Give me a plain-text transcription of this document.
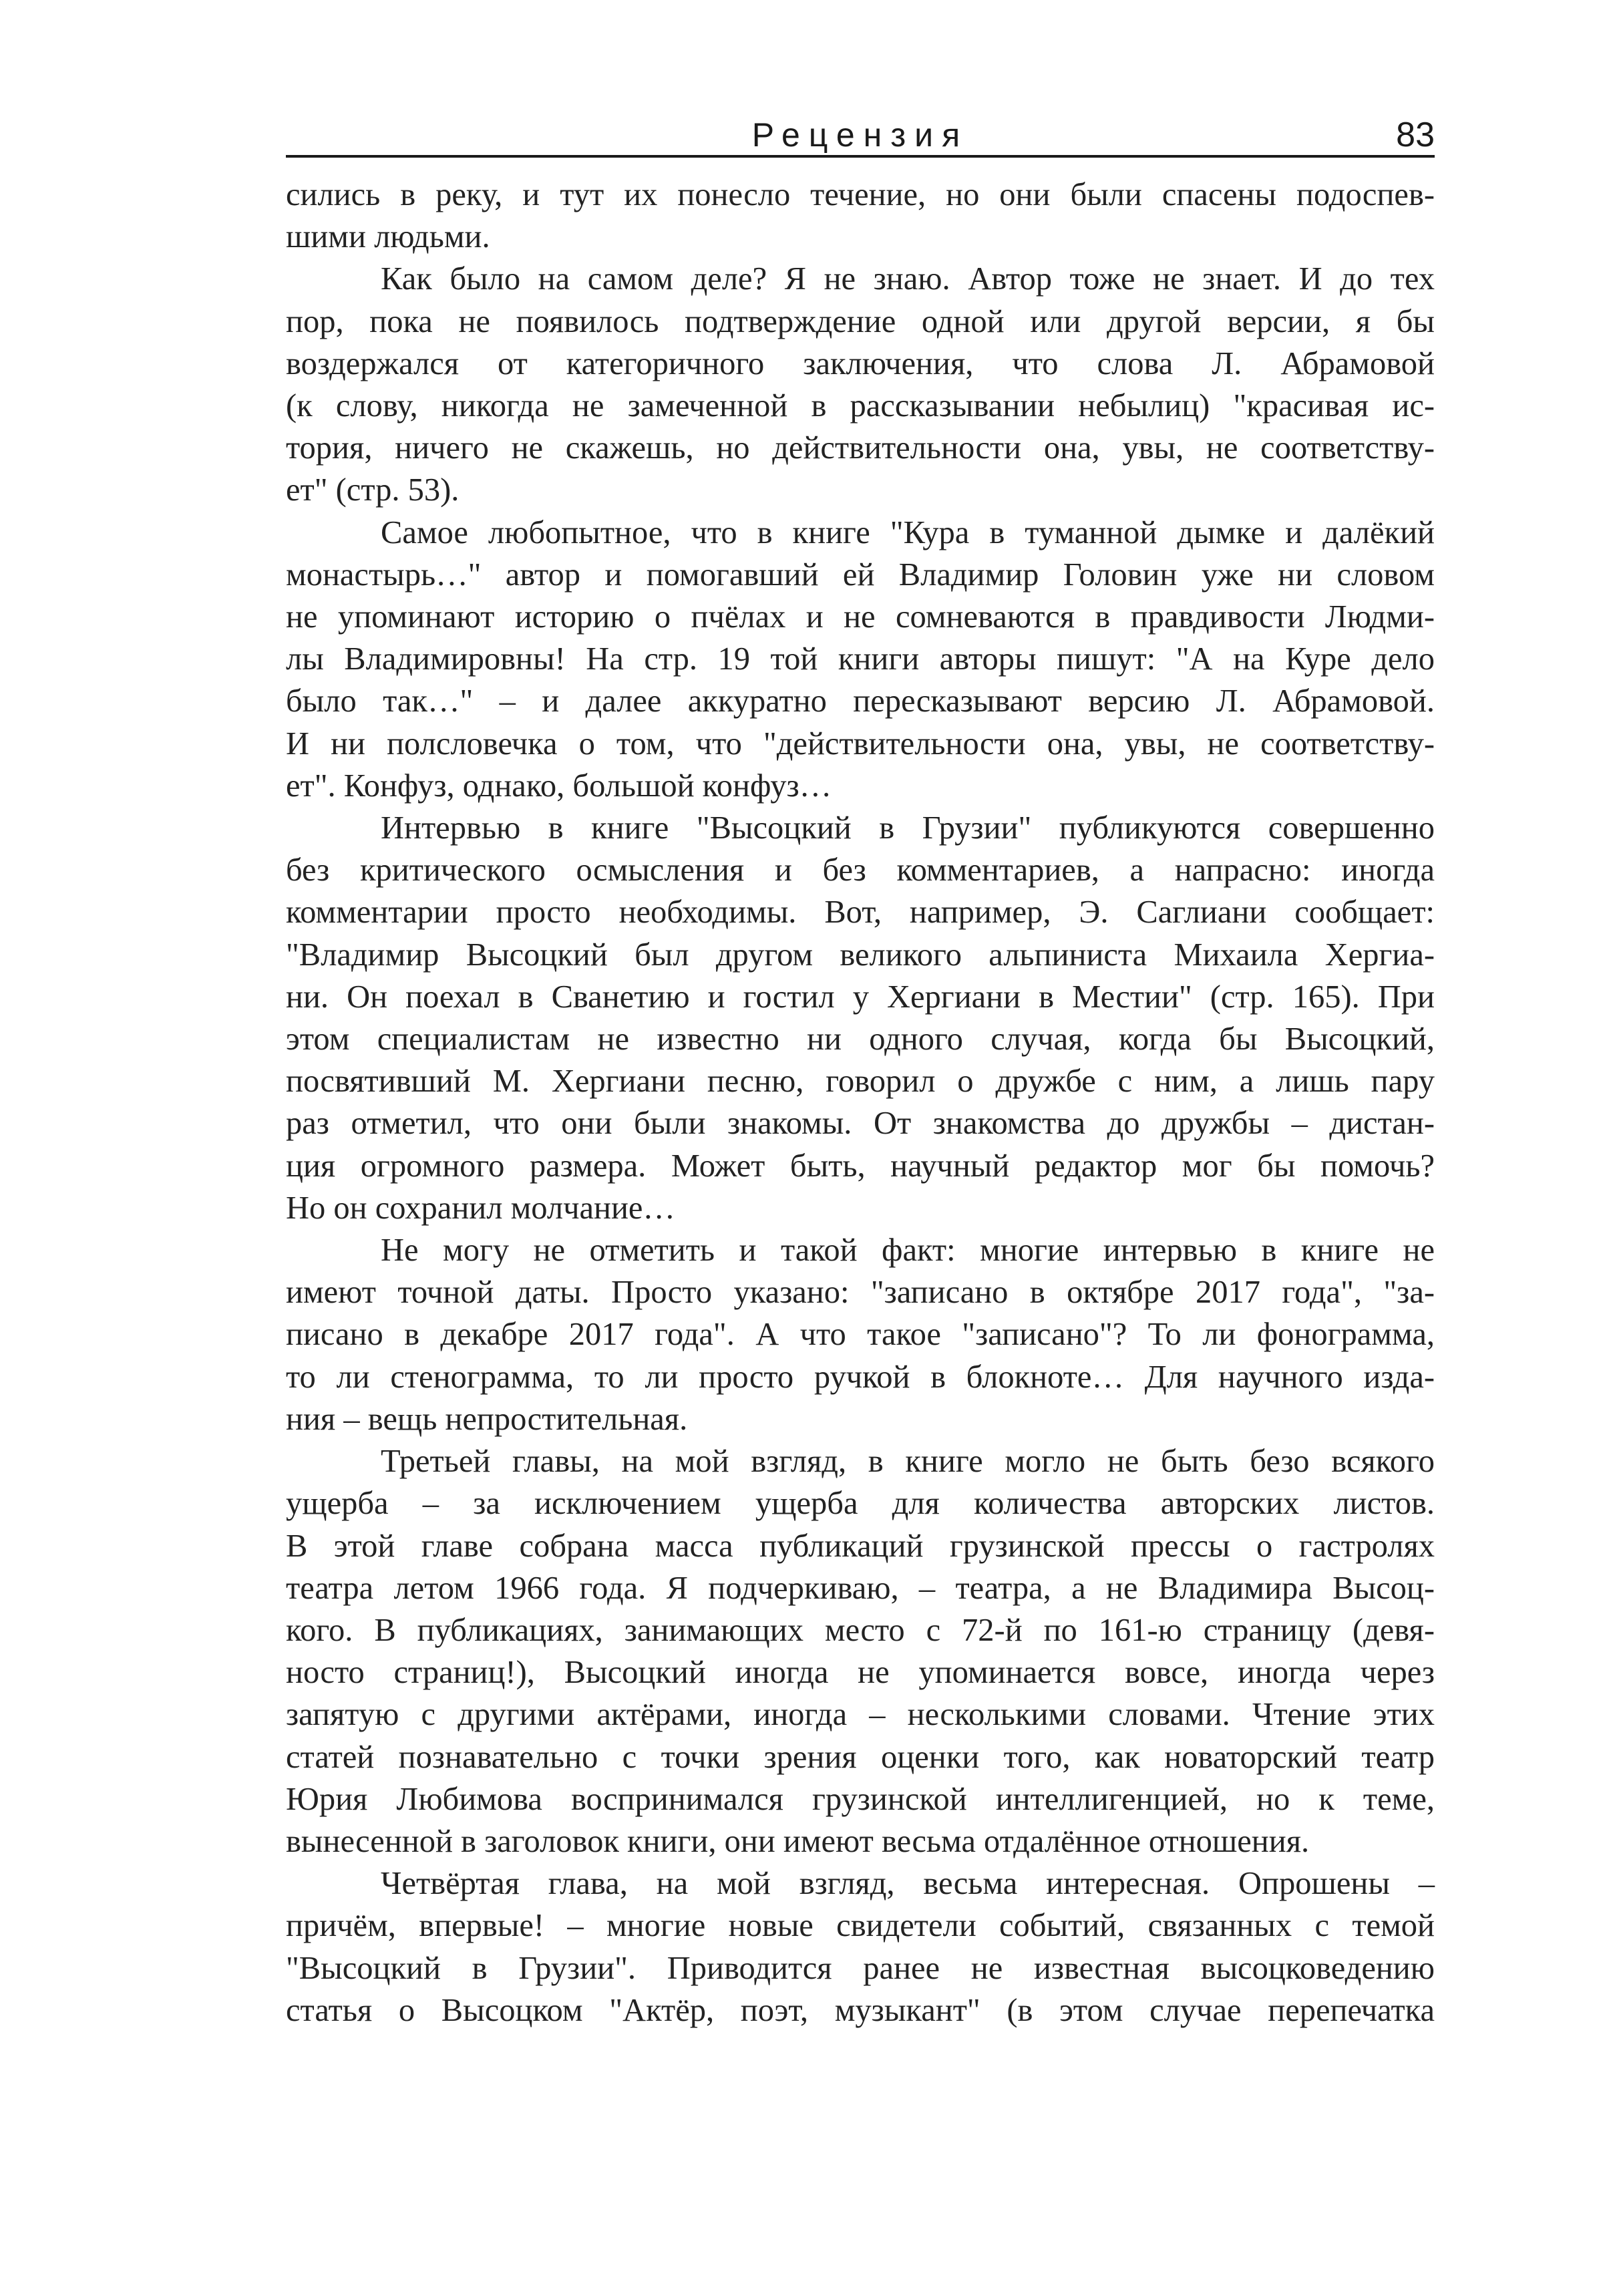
Рецензия	83

сились в реку, и тут их понесло течение, но они были спасены подоспев-
шими людьми.

Как было на самом деле? Я не знаю. Автор тоже не знает. И до тех
пор, пока не появилось подтверждение одной или другой версии, я бы
воздержался от категоричного заключения, что слова Л. Абрамовой
(к слову, никогда не замеченной в рассказывании небылиц) "красивая ис-
тория, ничего не скажешь, но действительности она, увы, не соответству-
ет" (стр. 53).

Самое любопытное, что в книге "Кура в туманной дымке и далёкий
монастырь…" автор и помогавший ей Владимир Головин уже ни словом
не упоминают историю о пчёлах и не сомневаются в правдивости Людми-
лы Владимировны! На стр. 19 той книги авторы пишут: "А на Куре дело
было так…" – и далее аккуратно пересказывают версию Л. Абрамовой.
И ни полсловечка о том, что "действительности она, увы, не соответству-
ет". Конфуз, однако, большой конфуз…

Интервью в книге "Высоцкий в Грузии" публикуются совершенно
без критического осмысления и без комментариев, а напрасно: иногда
комментарии просто необходимы. Вот, например, Э. Саглиани сообщает:
"Владимир Высоцкий был другом великого альпиниста Михаила Хергиа-
ни. Он поехал в Сванетию и гостил у Хергиани в Местии" (стр. 165). При
этом специалистам не известно ни одного случая, когда бы Высоцкий,
посвятивший М. Хергиани песню, говорил о дружбе с ним, а лишь пару
раз отметил, что они были знакомы. От знакомства до дружбы – дистан-
ция огромного размера. Может быть, научный редактор мог бы помочь?
Но он сохранил молчание…

Не могу не отметить и такой факт: многие интервью в книге не
имеют точной даты. Просто указано: "записано в октябре 2017 года", "за-
писано в декабре 2017 года". А что такое "записано"? То ли фонограмма,
то ли стенограмма, то ли просто ручкой в блокноте… Для научного изда-
ния – вещь непростительная.

Третьей главы, на мой взгляд, в книге могло не быть безо всякого
ущерба – за исключением ущерба для количества авторских листов.
В этой главе собрана масса публикаций грузинской прессы о гастролях
театра летом 1966 года. Я подчеркиваю, – театра, а не Владимира Высоц-
кого. В публикациях, занимающих место с 72-й по 161-ю страницу (девя-
носто страниц!), Высоцкий иногда не упоминается вовсе, иногда через
запятую с другими актёрами, иногда – несколькими словами. Чтение этих
статей познавательно с точки зрения оценки того, как новаторский театр
Юрия Любимова воспринимался грузинской интеллигенцией, но к теме,
вынесенной в заголовок книги, они имеют весьма отдалённое отношения.

Четвёртая глава, на мой взгляд, весьма интересная. Опрошены –
причём, впервые! – многие новые свидетели событий, связанных с темой
"Высоцкий в Грузии". Приводится ранее не известная высоцковедению
статья о Высоцком "Актёр, поэт, музыкант" (в этом случае перепечатка
